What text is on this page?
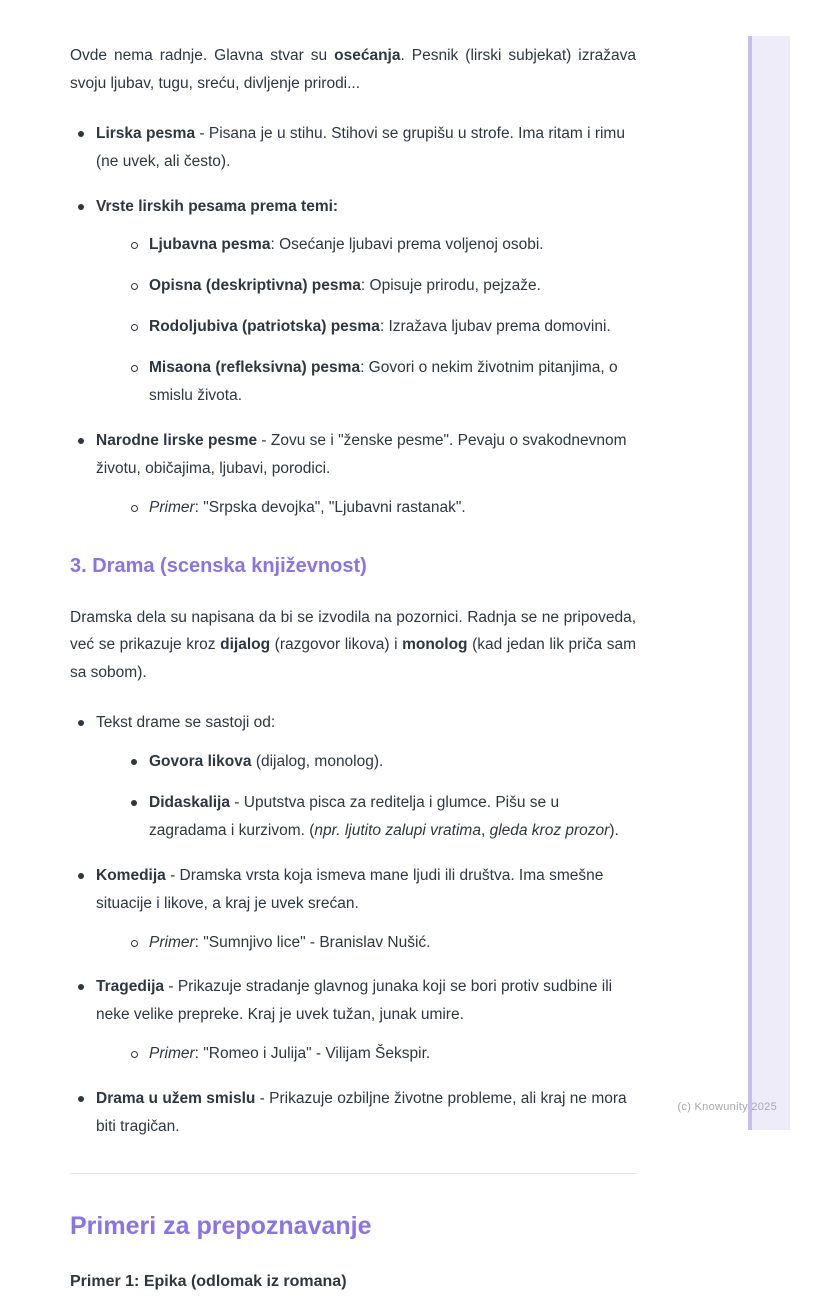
Ovde nema radnje. Glavna stvar su osećanja. Pesnik (lirski subjekat) izražava svoju ljubav, tugu, sreću, divljenje prirodi...

Lirska pesma - Pisana je u stihu. Stihovi se grupišu u strofe. Ima ritam i rimu (ne uvek, ali često).
Vrste lirskih pesama prema temi:
Ljubavna pesma: Osećanje ljubavi prema voljenoj osobi.
Opisna (deskriptivna) pesma: Opisuje prirodu, pejzaže.
Rodoljubiva (patriotska) pesma: Izražava ljubav prema domovini.
Misaona (refleksivna) pesma: Govori o nekim životnim pitanjima, o smislu života.
Narodne lirske pesme - Zovu se i "ženske pesme". Pevaju o svakodnevnom životu, običajima, ljubavi, porodici.
Primer: "Srpska devojka", "Ljubavni rastanak".
3. Drama (scenska književnost)

Dramska dela su napisana da bi se izvodila na pozornici. Radnja se ne pripoveda, već se prikazuje kroz dijalog (razgovor likova) i monolog (kad jedan lik priča sam sa sobom).

Tekst drame se sastoji od:
Govora likova (dijalog, monolog).
Didaskalija - Uputstva pisca za reditelja i glumce. Pišu se u zagradama i kurzivom. (npr. ljutito zalupi vratima, gleda kroz prozor).
Komedija - Dramska vrsta koja ismeva mane ljudi ili društva. Ima smešne situacije i likove, a kraj je uvek srećan.
Primer: "Sumnjivo lice" - Branislav Nušić.
Tragedija - Prikazuje stradanje glavnog junaka koji se bori protiv sudbine ili neke velike prepreke. Kraj je uvek tužan, junak umire.
Primer: "Romeo i Julija" - Vilijam Šekspir.
Drama u užem smislu - Prikazuje ozbiljne životne probleme, ali kraj ne mora biti tragičan.
Primeri za prepoznavanje

Primer 1: Epika (odlomak iz romana)

(c) Knowunity 2025
